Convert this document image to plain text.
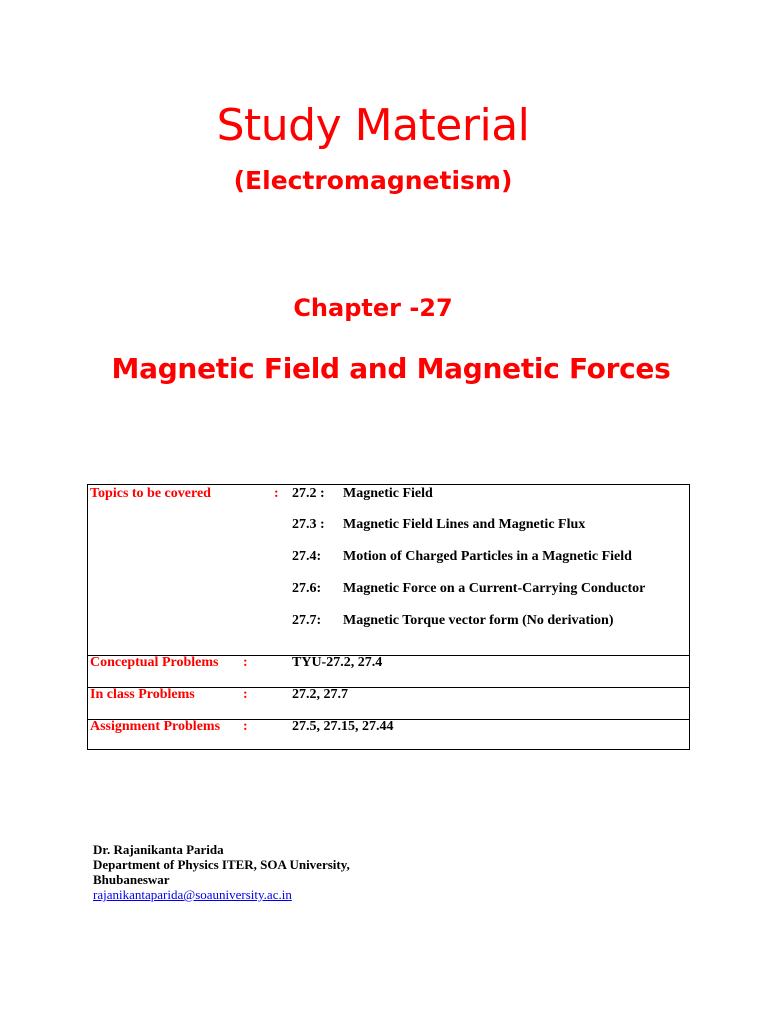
Study Material
(Electromagnetism)
Chapter -27
Magnetic Field and Magnetic Forces
Topics to be covered	: 27.2 : Magnetic Field
27.3 : Magnetic Field Lines and Magnetic Flux
27.4: Motion of Charged Particles in a Magnetic Field
27.6: Magnetic Force on a Current-Carrying Conductor
27.7: Magnetic Torque vector form (No derivation)
Conceptual Problems :	TYU-27.2, 27.4
In class Problems	:	27.2, 27.7
Assignment Problems :	27.5, 27.15, 27.44
Dr. Rajanikanta Parida
Department of Physics ITER, SOA University,
Bhubaneswar
rajanikantaparida@soauniversity.ac.in
